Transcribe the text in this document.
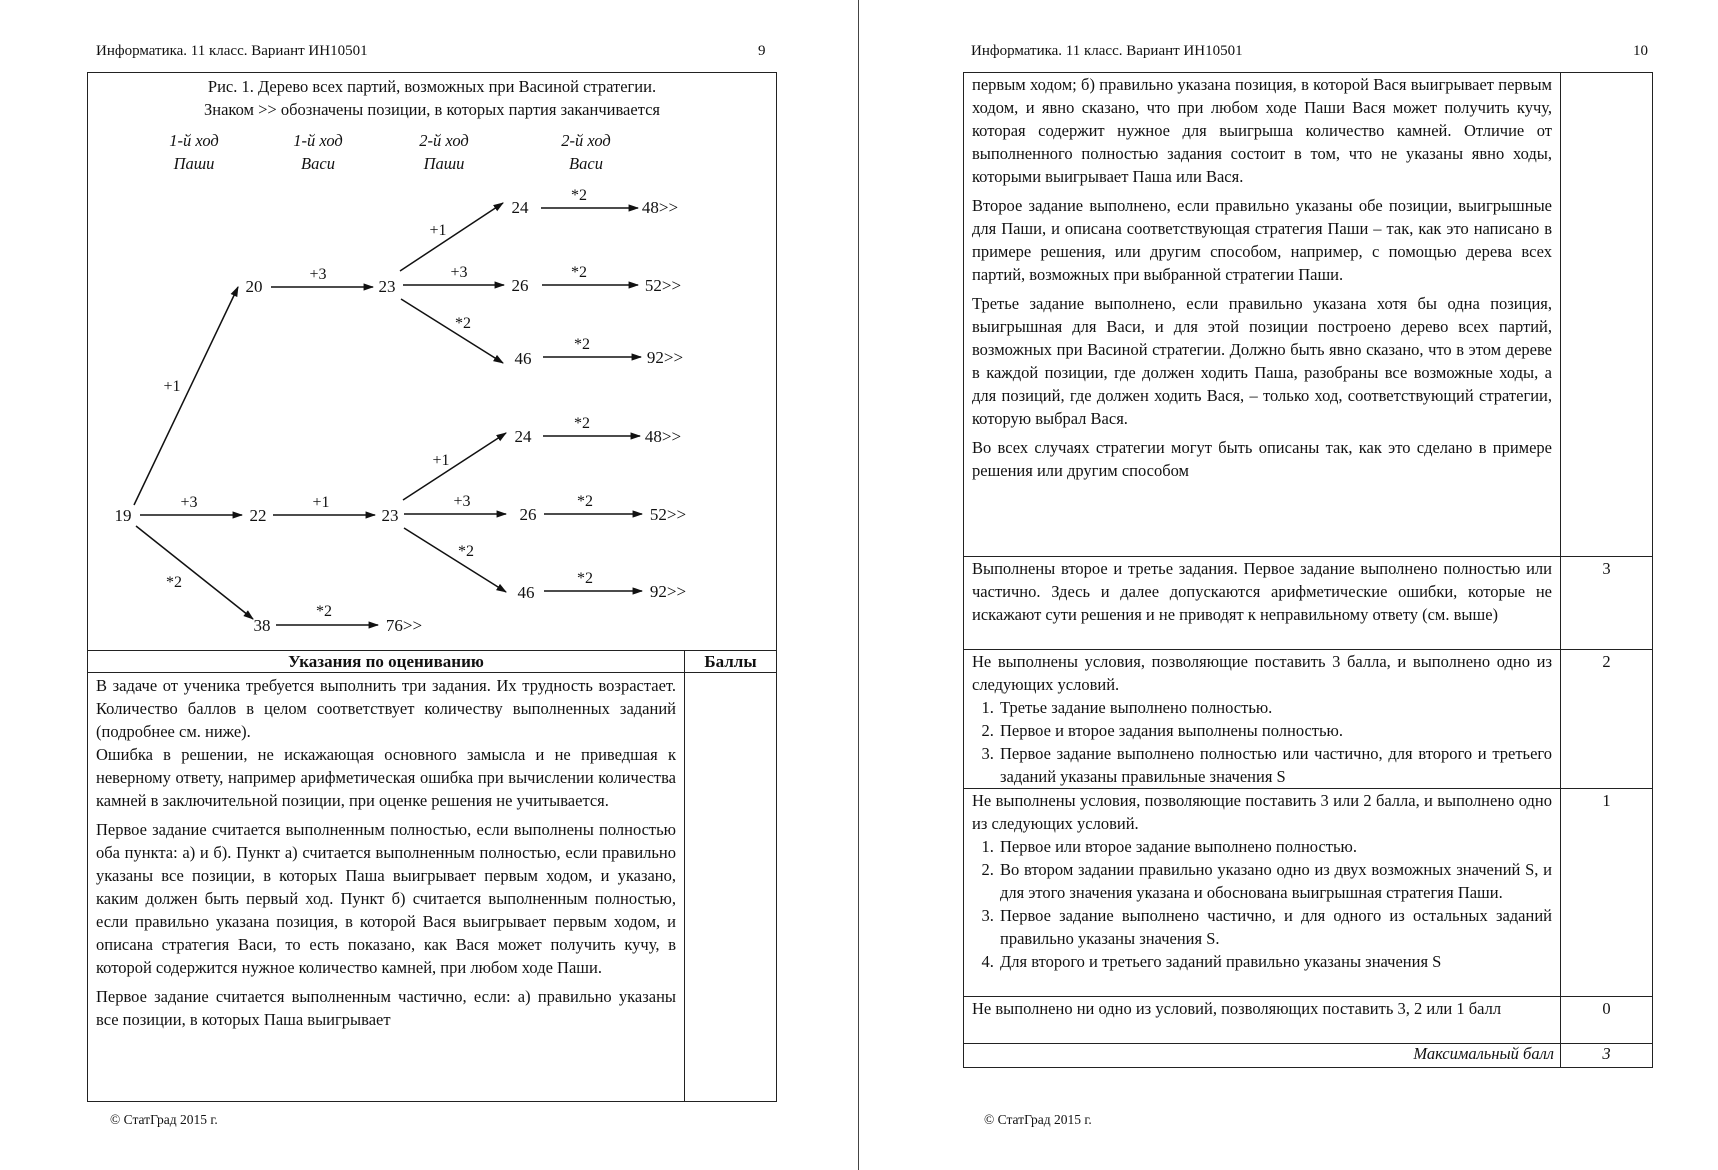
Информатика. 11 класс. Вариант ИН10501	9
Рис. 1. Дерево всех партий, возможных при Васиной стратегии.
Знаком >> обозначены позиции, в которых партия заканчивается
1-й ход
Паши
1-й ход
Васи
2-й ход
Паши
2-й ход
Васи
+1
+3
+1
*2
+3	*2
*2
*2
+3	+1
+1
*2
+3	*2
*2
*2
*2
*2
19
20	23
24	48>>
26	52>>
46	92>>
22	23
24	48>>
26	52>>
46	92>>
38	76>>
Указания по оцениванию	Баллы

В задаче от ученика требуется выполнить три задания. Их трудность возрастает. Количество баллов в целом соответствует количеству выполненных заданий (подробнее см. ниже).

Ошибка в решении, не искажающая основного замысла и не приведшая к неверному ответу, например арифметическая ошибка при вычислении количества камней в заключительной позиции, при оценке решения не учитывается.

Первое задание считается выполненным полностью, если выполнены полностью оба пункта: а) и б). Пункт а) считается выполненным полностью, если правильно указаны все позиции, в которых Паша выигрывает первым ходом, и указано, каким должен быть первый ход. Пункт б) считается выполненным полностью, если правильно указана позиция, в которой Вася выигрывает первым ходом, и описана стратегия Васи, то есть показано, как Вася может получить кучу, в которой содержится нужное количество камней, при любом ходе Паши.

Первое задание считается выполненным частично, если: а) правильно указаны все позиции, в которых Паша выигрывает

© СтатГрад 2015 г.
Информатика. 11 класс. Вариант ИН10501	10

первым ходом; б) правильно указана позиция, в которой Вася выигрывает первым ходом, и явно сказано, что при любом ходе Паши Вася может получить кучу, которая содержит нужное для выигрыша количество камней. Отличие от выполненного полностью задания состоит в том, что не указаны явно ходы, которыми выигрывает Паша или Вася.

Второе задание выполнено, если правильно указаны обе позиции, выигрышные для Паши, и описана соответствующая стратегия Паши – так, как это написано в примере решения, или другим способом, например, с помощью дерева всех партий, возможных при выбранной стратегии Паши.

Третье задание выполнено, если правильно указана хотя бы одна позиция, выигрышная для Васи, и для этой позиции построено дерево всех партий, возможных при Васиной стратегии. Должно быть явно сказано, что в этом дереве в каждой позиции, где должен ходить Паша, разобраны все возможные ходы, а для позиций, где должен ходить Вася, – только ход, соответствующий стратегии, которую выбрал Вася.

Во всех случаях стратегии могут быть описаны так, как это сделано в примере решения или другим способом

Выполнены второе и третье задания. Первое задание выполнено полностью или частично. Здесь и далее допускаются арифметические ошибки, которые не искажают сути решения и не приводят к неправильному ответу (см. выше)

3

Не выполнены условия, позволяющие поставить 3 балла, и выполнено одно из следующих условий.

1. Третье задание выполнено полностью.
2. Первое и второе задания выполнены полностью.
3. Первое задание выполнено полностью или частично, для второго и третьего заданий указаны правильные значения S
2

Не выполнены условия, позволяющие поставить 3 или 2 балла, и выполнено одно из следующих условий.

1. Первое или второе задание выполнено полностью.
2. Во втором задании правильно указано одно из двух возможных значений S, и для этого значения указана и обоснована выигрышная стратегия Паши.
3. Первое задание выполнено частично, и для одного из остальных заданий правильно указаны значения S.
4. Для второго и третьего заданий правильно указаны значения S
1

Не выполнено ни одно из условий, позволяющих поставить 3, 2 или 1 балл	0
Максимальный балл	3
© СтатГрад 2015 г.
